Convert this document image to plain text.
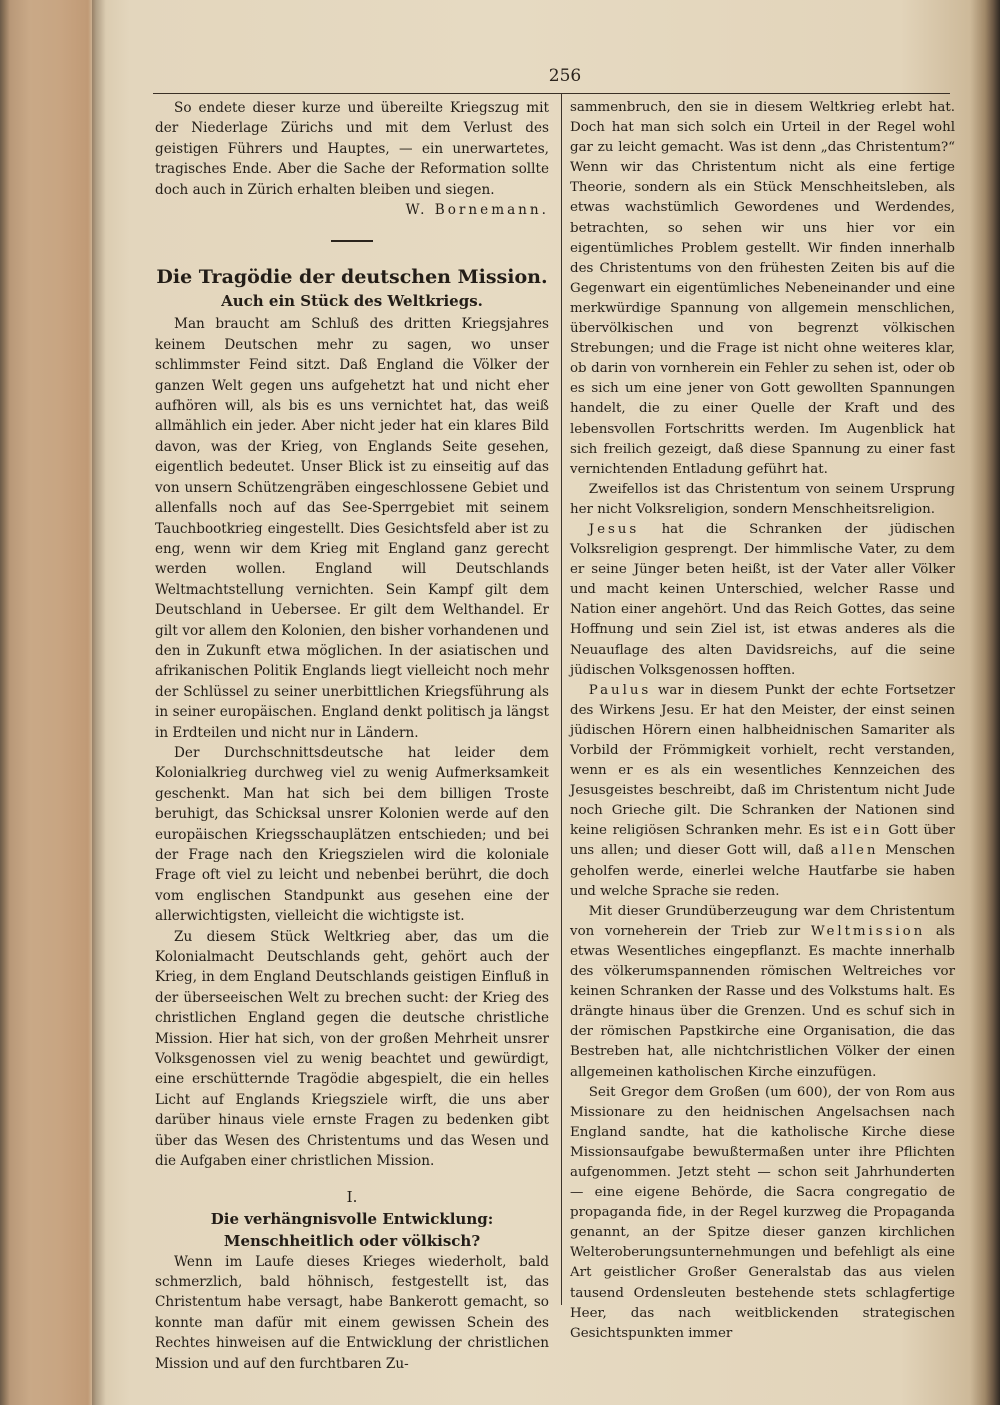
256

So endete dieser kurze und übereilte Kriegszug mit der Niederlage Zürichs und mit dem Verlust des geistigen Führers und Hauptes, — ein unerwartetes, tragisches Ende. Aber die Sache der Reformation sollte doch auch in Zürich erhalten bleiben und siegen.
W. Bornemann.

Die Tragödie der deutschen Mission.
Auch ein Stück des Weltkriegs.

Man braucht am Schluß des dritten Kriegsjahres keinem Deutschen mehr zu sagen, wo unser schlimmster Feind sitzt. Daß England die Völker der ganzen Welt gegen uns aufgehetzt hat und nicht eher aufhören will, als bis es uns vernichtet hat, das weiß allmählich ein jeder. Aber nicht jeder hat ein klares Bild davon, was der Krieg, von Englands Seite gesehen, eigentlich bedeutet. Unser Blick ist zu einseitig auf das von unsern Schützengräben eingeschlossene Gebiet und allenfalls noch auf das See-Sperrgebiet mit seinem Tauchbootkrieg eingestellt. Dies Gesichtsfeld aber ist zu eng, wenn wir dem Krieg mit England ganz gerecht werden wollen. England will Deutschlands Weltmachtstellung vernichten. Sein Kampf gilt dem Deutschland in Uebersee. Er gilt dem Welthandel. Er gilt vor allem den Kolonien, den bisher vorhandenen und den in Zukunft etwa möglichen. In der asiatischen und afrikanischen Politik Englands liegt vielleicht noch mehr der Schlüssel zu seiner unerbittlichen Kriegsführung als in seiner europäischen. England denkt politisch ja längst in Erdteilen und nicht nur in Ländern.

Der Durchschnittsdeutsche hat leider dem Kolonialkrieg durchweg viel zu wenig Aufmerksamkeit geschenkt. Man hat sich bei dem billigen Troste beruhigt, das Schicksal unsrer Kolonien werde auf den europäischen Kriegsschauplätzen entschieden; und bei der Frage nach den Kriegszielen wird die koloniale Frage oft viel zu leicht und nebenbei berührt, die doch vom englischen Standpunkt aus gesehen eine der allerwichtigsten, vielleicht die wichtigste ist.

Zu diesem Stück Weltkrieg aber, das um die Kolonialmacht Deutschlands geht, gehört auch der Krieg, in dem England Deutschlands geistigen Einfluß in der überseeischen Welt zu brechen sucht: der Krieg des christlichen England gegen die deutsche christliche Mission. Hier hat sich, von der großen Mehrheit unsrer Volksgenossen viel zu wenig beachtet und gewürdigt, eine erschütternde Tragödie abgespielt, die ein helles Licht auf Englands Kriegsziele wirft, die uns aber darüber hinaus viele ernste Fragen zu bedenken gibt über das Wesen des Christentums und das Wesen und die Aufgaben einer christlichen Mission.

I.
Die verhängnisvolle Entwicklung:
Menschheitlich oder völkisch?

Wenn im Laufe dieses Krieges wiederholt, bald schmerzlich, bald höhnisch, festgestellt ist, das Christentum habe versagt, habe Bankerott gemacht, so konnte man dafür mit einem gewissen Schein des Rechtes hinweisen auf die Entwicklung der christlichen Mission und auf den furchtbaren Zu-

sammenbruch, den sie in diesem Weltkrieg erlebt hat. Doch hat man sich solch ein Urteil in der Regel wohl gar zu leicht gemacht. Was ist denn „das Christentum?“ Wenn wir das Christentum nicht als eine fertige Theorie, sondern als ein Stück Menschheitsleben, als etwas wachstümlich Gewordenes und Werdendes, betrachten, so sehen wir uns hier vor ein eigentümliches Problem gestellt. Wir finden innerhalb des Christentums von den frühesten Zeiten bis auf die Gegenwart ein eigentümliches Nebeneinander und eine merkwürdige Spannung von allgemein menschlichen, übervölkischen und von begrenzt völkischen Strebungen; und die Frage ist nicht ohne weiteres klar, ob darin von vornherein ein Fehler zu sehen ist, oder ob es sich um eine jener von Gott gewollten Spannungen handelt, die zu einer Quelle der Kraft und des lebensvollen Fortschritts werden. Im Augenblick hat sich freilich gezeigt, daß diese Spannung zu einer fast vernichtenden Entladung geführt hat.

Zweifellos ist das Christentum von seinem Ursprung her nicht Volksreligion, sondern Menschheitsreligion.

Jesus hat die Schranken der jüdischen Volksreligion gesprengt. Der himmlische Vater, zu dem er seine Jünger beten heißt, ist der Vater aller Völker und macht keinen Unterschied, welcher Rasse und Nation einer angehört. Und das Reich Gottes, das seine Hoffnung und sein Ziel ist, ist etwas anderes als die Neuauflage des alten Davidsreichs, auf die seine jüdischen Volksgenossen hofften.

Paulus war in diesem Punkt der echte Fortsetzer des Wirkens Jesu. Er hat den Meister, der einst seinen jüdischen Hörern einen halbheidnischen Samariter als Vorbild der Frömmigkeit vorhielt, recht verstanden, wenn er es als ein wesentliches Kennzeichen des Jesusgeistes beschreibt, daß im Christentum nicht Jude noch Grieche gilt. Die Schranken der Nationen sind keine religiösen Schranken mehr. Es ist ein Gott über uns allen; und dieser Gott will, daß allen Menschen geholfen werde, einerlei welche Hautfarbe sie haben und welche Sprache sie reden.

Mit dieser Grundüberzeugung war dem Christentum von vorneherein der Trieb zur Weltmission als etwas Wesentliches eingepflanzt. Es machte innerhalb des völkerumspannenden römischen Weltreiches vor keinen Schranken der Rasse und des Volkstums halt. Es drängte hinaus über die Grenzen. Und es schuf sich in der römischen Papstkirche eine Organisation, die das Bestreben hat, alle nichtchristlichen Völker der einen allgemeinen katholischen Kirche einzufügen.

Seit Gregor dem Großen (um 600), der von Rom aus Missionare zu den heidnischen Angelsachsen nach England sandte, hat die katholische Kirche diese Missionsaufgabe bewußtermaßen unter ihre Pflichten aufgenommen. Jetzt steht — schon seit Jahrhunderten — eine eigene Behörde, die Sacra congregatio de propaganda fide, in der Regel kurzweg die Propaganda genannt, an der Spitze dieser ganzen kirchlichen Welteroberungsunternehmungen und befehligt als eine Art geistlicher Großer Generalstab das aus vielen tausend Ordensleuten bestehende stets schlagfertige Heer, das nach weitblickenden strategischen Gesichtspunkten immer
